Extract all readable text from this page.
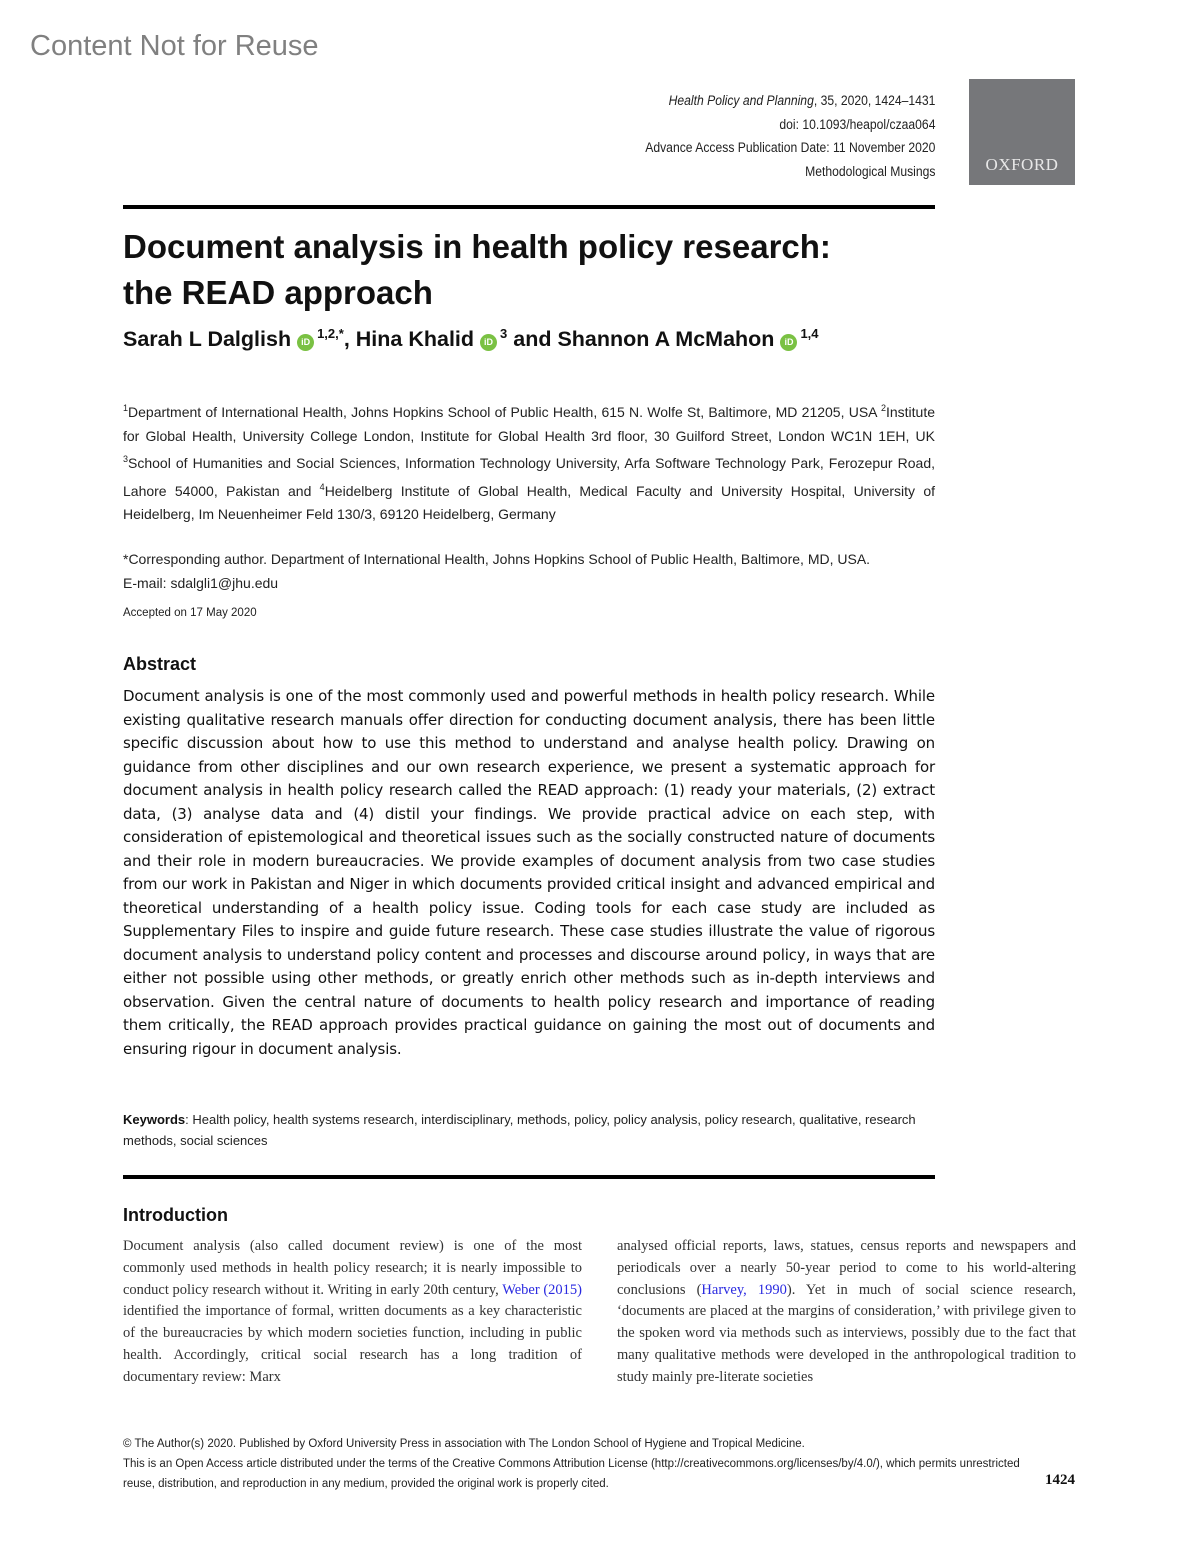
Content Not for Reuse
Health Policy and Planning, 35, 2020, 1424–1431
doi: 10.1093/heapol/czaa064
Advance Access Publication Date: 11 November 2020
Methodological Musings	OXFORD
Document analysis in health policy research:
the READ approach
Sarah L Dalglish $iD^{1,2,*}$, Hina Khalid $iD^3$ and Shannon A McMahon iD$^{1,4}$
$^1$Department of International Health, Johns Hopkins School of Public Health, 615 N. Wolfe St, Baltimore, MD 21205, USA $^2$Institute for Global Health, University College London, Institute for Global Health 3rd floor, 30 Guilford Street, London WC1N 1EH, UK $^3$School of Humanities and Social Sciences, Information Technology University, Arfa Software Technology Park, Ferozepur Road, Lahore 54000, Pakistan and $^4$Heidelberg Institute of Global Health, Medical Faculty and University Hospital, University of Heidelberg, Im Neuenheimer Feld 130/3, 69120 Heidelberg, Germany
*Corresponding author. Department of International Health, Johns Hopkins School of Public Health, Baltimore, MD, USA.
E-mail: sdalgli1@jhu.edu
Accepted on 17 May 2020
Abstract
Document analysis is one of the most commonly used and powerful methods in health policy research. While existing qualitative research manuals offer direction for conducting document analysis, there has been little specific discussion about how to use this method to understand and analyse health policy. Drawing on guidance from other disciplines and our own research experience, we present a systematic approach for document analysis in health policy research called the READ approach: (1) ready your materials, (2) extract data, (3) analyse data and (4) distil your findings. We provide practical advice on each step, with consideration of epistemological and theoretical issues such as the socially constructed nature of documents and their role in modern bureaucracies. We provide examples of document analysis from two case studies from our work in Pakistan and Niger in which documents provided critical insight and advanced empirical and theoretical understanding of a health policy issue. Coding tools for each case study are included as Supplementary Files to inspire and guide future research. These case studies illustrate the value of rigorous document analysis to understand policy content and processes and discourse around policy, in ways that are either not possible using other methods, or greatly enrich other methods such as in-depth interviews and observation. Given the central nature of documents to health policy research and importance of reading them critically, the READ approach provides practical guidance on gaining the most out of documents and ensuring rigour in document analysis.
Keywords: Health policy, health systems research, interdisciplinary, methods, policy, policy analysis, policy research, qualitative, research methods, social sciences
Introduction
Document analysis (also called document review) is one of the most commonly used methods in health policy research; it is nearly impossible to conduct policy research without it. Writing in early 20th century, Weber (2015) identified the importance of formal, written documents as a key characteristic of the bureaucracies by which modern societies function, including in public health. Accordingly, critical social research has a long tradition of documentary review: Marx
analysed official reports, laws, statues, census reports and newspapers and periodicals over a nearly 50-year period to come to his world-altering conclusions (Harvey, 1990). Yet in much of social science research, ‘documents are placed at the margins of consideration,’ with privilege given to the spoken word via methods such as interviews, possibly due to the fact that many qualitative methods were developed in the anthropological tradition to study mainly pre-literate societies
© The Author(s) 2020. Published by Oxford University Press in association with The London School of Hygiene and Tropical Medicine.
This is an Open Access article distributed under the terms of the Creative Commons Attribution License (http://creativecommons.org/licenses/by/4.0/), which permits unrestricted reuse, distribution, and reproduction in any medium, provided the original work is properly cited.	1424
